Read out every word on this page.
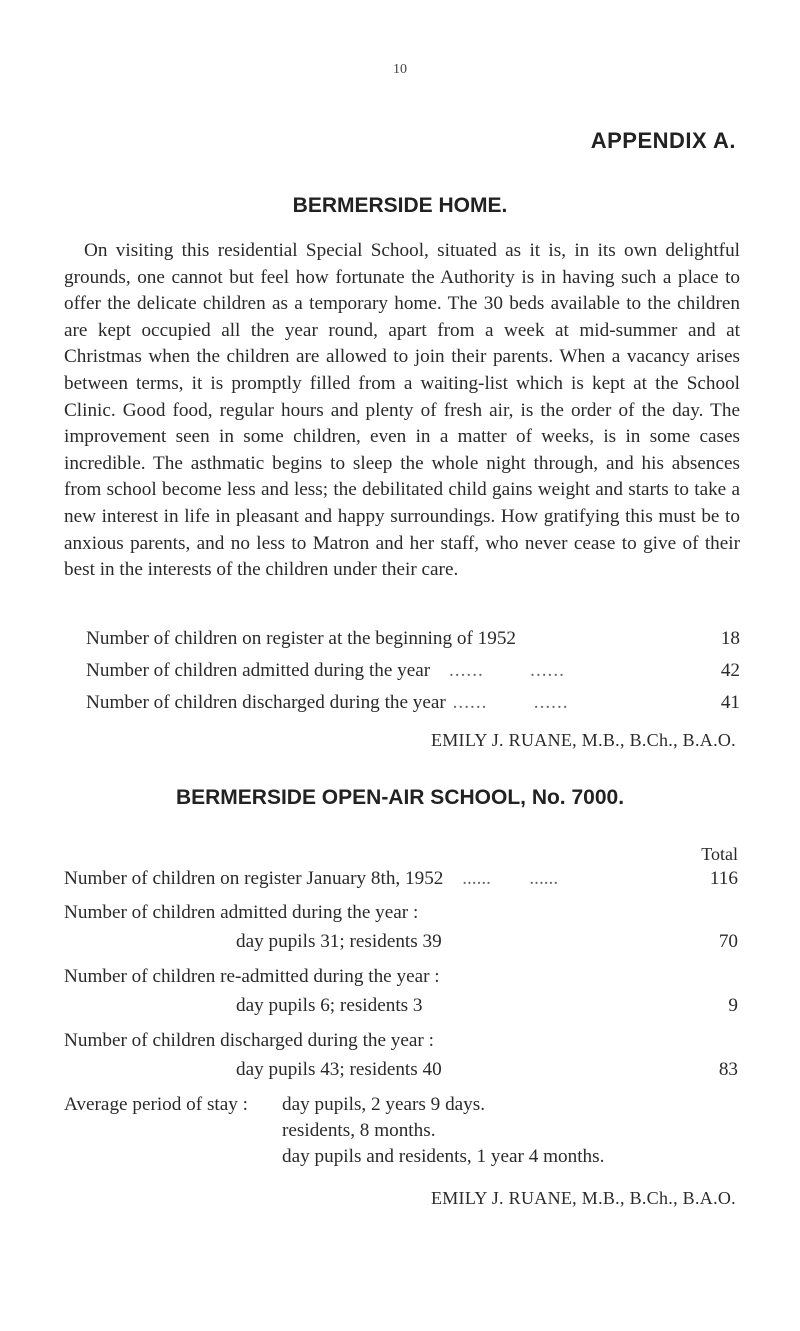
10
APPENDIX A.
BERMERSIDE HOME.
On visiting this residential Special School, situated as it is, in its own delightful grounds, one cannot but feel how fortunate the Authority is in having such a place to offer the delicate children as a temporary home. The 30 beds available to the children are kept occupied all the year round, apart from a week at mid-summer and at Christmas when the children are allowed to join their parents. When a vacancy arises between terms, it is promptly filled from a waiting-list which is kept at the School Clinic. Good food, regular hours and plenty of fresh air, is the order of the day. The improvement seen in some children, even in a matter of weeks, is in some cases incredible. The asthmatic begins to sleep the whole night through, and his absences from school become less and less; the debilitated child gains weight and starts to take a new interest in life in pleasant and happy surroundings. How gratifying this must be to anxious parents, and no less to Matron and her staff, who never cease to give of their best in the interests of the children under their care.
Number of children on register at the beginning of 1952	18
Number of children admitted during the year ......        ......	42
Number of children discharged during the year ......        ......	41
EMILY J. RUANE, M.B., B.Ch., B.A.O.
BERMERSIDE OPEN-AIR SCHOOL, No. 7000.
Total
Number of children on register January 8th, 1952 ......        ......	116
Number of children admitted during the year :
day pupils 31; residents 39	70
Number of children re-admitted during the year :
day pupils 6; residents 3	9
Number of children discharged during the year :
day pupils 43; residents 40	83
Average period of stay :	day pupils, 2 years 9 days.
residents, 8 months.
day pupils and residents, 1 year 4 months.
EMILY J. RUANE, M.B., B.Ch., B.A.O.
